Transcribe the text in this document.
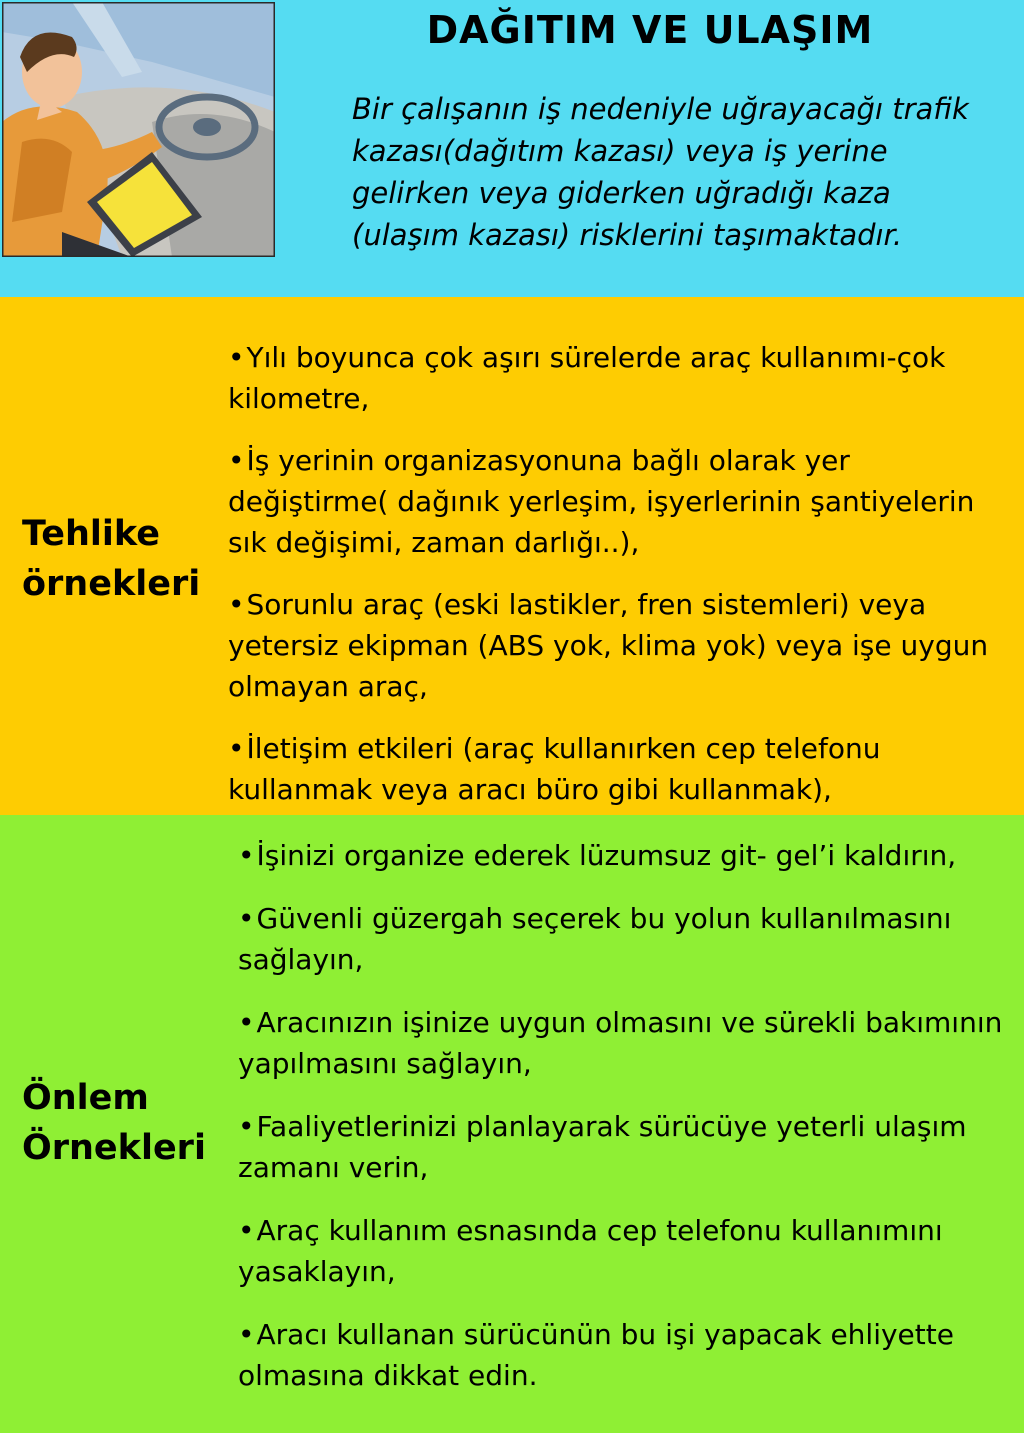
DAĞITIM VE ULAŞIM
Bir çalışanın iş nedeniyle uğrayacağı trafik kazası(dağıtım kazası) veya iş yerine gelirken veya giderken uğradığı kaza (ulaşım kazası) risklerini taşımaktadır.
Tehlike
örnekleri
•Yılı boyunca çok aşırı sürelerde araç kullanımı-çok kilometre,
•İş yerinin organizasyonuna bağlı olarak yer değiştirme( dağınık yerleşim, işyerlerinin şantiyelerin sık değişimi, zaman darlığı..),
•Sorunlu araç (eski lastikler, fren sistemleri) veya yetersiz ekipman (ABS yok, klima yok) veya işe uygun olmayan araç,
•İletişim etkileri (araç kullanırken cep telefonu kullanmak veya aracı büro gibi kullanmak),
Önlem
Örnekleri
•İşinizi organize ederek lüzumsuz git- gel’i kaldırın,
•Güvenli güzergah seçerek bu yolun kullanılmasını sağlayın,
•Aracınızın işinize uygun olmasını ve sürekli bakımının yapılmasını sağlayın,
•Faaliyetlerinizi planlayarak sürücüye yeterli ulaşım zamanı verin,
•Araç kullanım esnasında cep telefonu kullanımını yasaklayın,
•Aracı kullanan sürücünün bu işi yapacak ehliyette olmasına dikkat edin.
